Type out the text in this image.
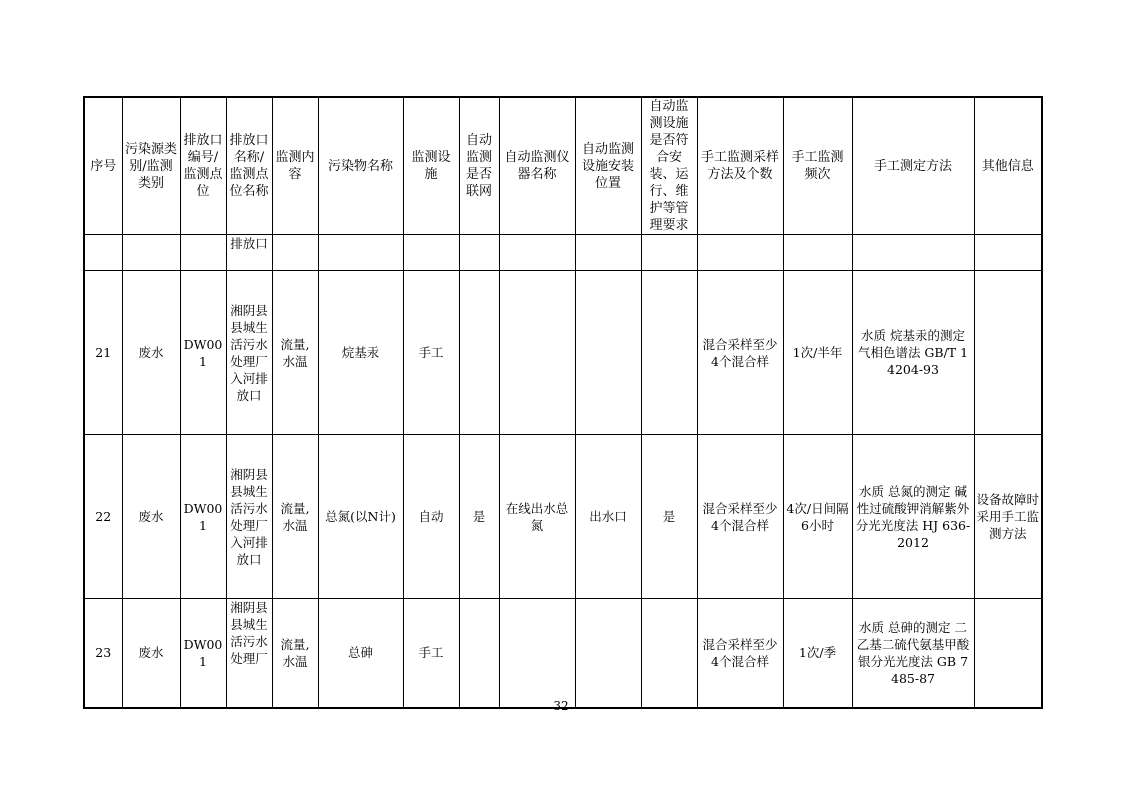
序号	污染源类别/监测类别	排放口编号/监测点位	排放口名称/监测点位名称	监测内容	污染物名称	监测设施	自动监测是否联网	自动监测仪器名称	自动监测设施安装位置	自动监测设施是否符合安装、运行、维护等管理要求	手工监测采样方法及个数	手工监测频次	手工测定方法	其他信息
			排放口											
21	废水	DW001	湘阴县县城生活污水处理厂入河排放口	流量,水温	烷基汞	手工					混合采样至少4个混合样	1次/半年	水质 烷基汞的测定 气相色谱法 GB/T 14204-93	
22	废水	DW001	湘阴县县城生活污水处理厂入河排放口	流量,水温	总氮(以N计)	自动	是	在线出水总氮	出水口	是	混合采样至少4个混合样	4次/日间隔6小时	水质 总氮的测定 碱性过硫酸钾消解紫外分光光度法 HJ 636-2012	设备故障时采用手工监测方法
23	废水	DW001	湘阴县县城生活污水处理厂	流量,水温	总砷	手工					混合采样至少4个混合样	1次/季	水质 总砷的测定 二乙基二硫代氨基甲酸银分光光度法 GB 7485-87	
32
